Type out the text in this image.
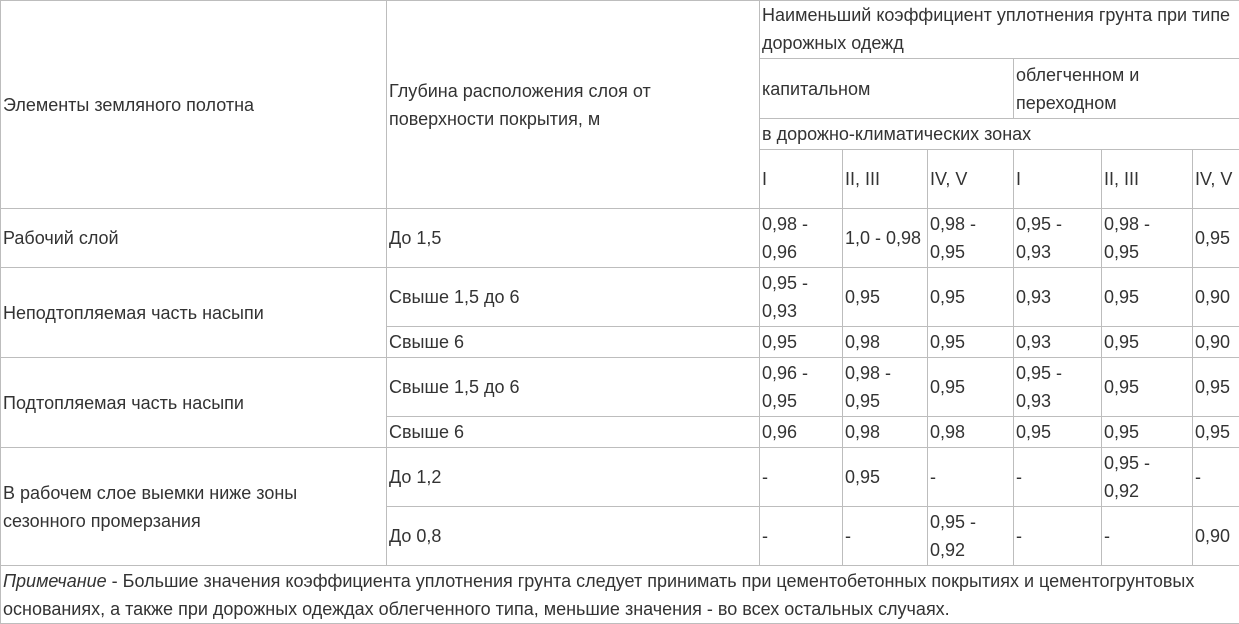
Элементы земляного полотна	Глубина расположения слоя от поверхности покрытия, м	Наименьший коэффициент уплотнения грунта при типе дорожных одежд					
		капитальном			облегченном и переходном		
		в дорожно-климатических зонах					
		I	II, III	IV, V	I	II, III	IV, V
Рабочий слой	До 1,5	0,98 - 0,96	1,0 - 0,98	0,98 - 0,95	0,95 - 0,93	0,98 - 0,95	0,95
Неподтопляемая часть насыпи	Свыше 1,5 до 6	0,95 - 0,93	0,95	0,95	0,93	0,95	0,90
	Свыше 6	0,95	0,98	0,95	0,93	0,95	0,90
Подтопляемая часть насыпи	Свыше 1,5 до 6	0,96 - 0,95	0,98 - 0,95	0,95	0,95 - 0,93	0,95	0,95
	Свыше 6	0,96	0,98	0,98	0,95	0,95	0,95
В рабочем слое выемки ниже зоны сезонного промерзания	До 1,2	-	0,95	-	-	0,95 - 0,92	-
	До 0,8	-	-	0,95 - 0,92	-	-	0,90
Примечание - Большие значения коэффициента уплотнения грунта следует принимать при цементобетонных покрытиях и цементогрунтовых основаниях, а также при дорожных одеждах облегченного типа, меньшие значения - во всех остальных случаях.							
